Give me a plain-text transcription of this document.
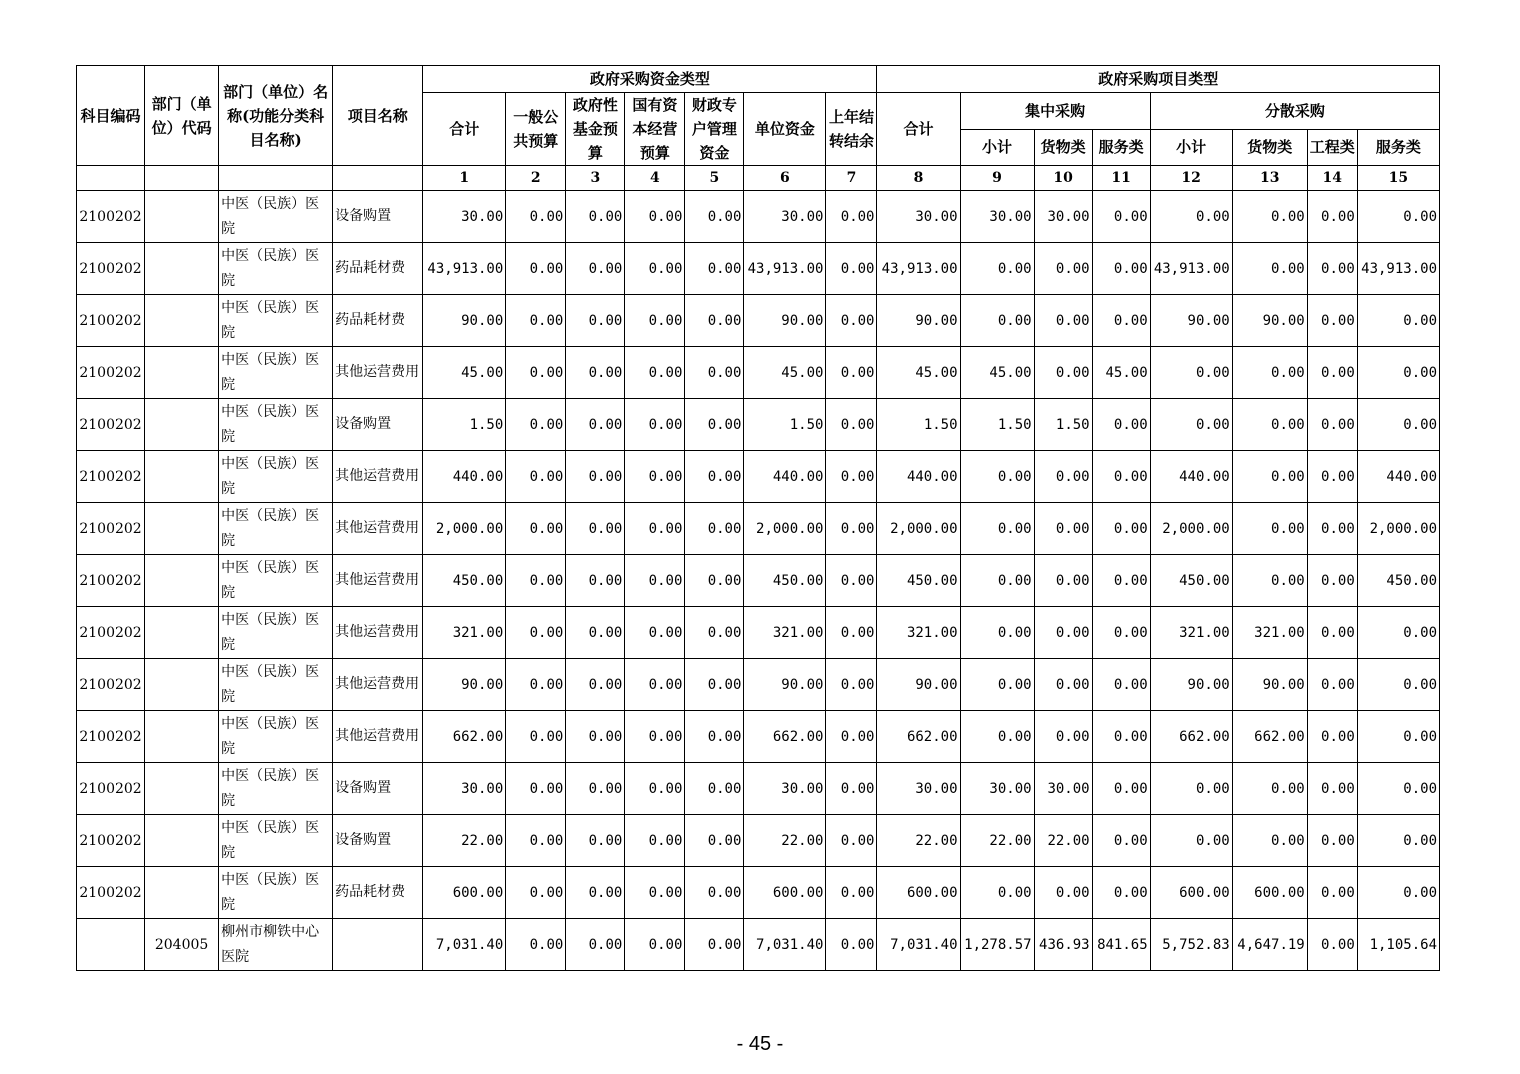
科目编码	部门（单位）代码	部门（单位）名称(功能分类科目名称)	项目名称	政府采购资金类型							政府采购项目类型							
				合计	一般公共预算	政府性基金预算	国有资本经营预算	财政专户管理资金	单位资金	上年结转结余	合计	集中采购			分散采购			
												小计	货物类	服务类	小计	货物类	工程类	服务类
				1	2	3	4	5	6	7	8	9	10	11	12	13	14	15
2100202		中医（民族）医院	设备购置	30.00	0.00	0.00	0.00	0.00	30.00	0.00	30.00	30.00	30.00	0.00	0.00	0.00	0.00	0.00
2100202		中医（民族）医院	药品耗材费	43,913.00	0.00	0.00	0.00	0.00	43,913.00	0.00	43,913.00	0.00	0.00	0.00	43,913.00	0.00	0.00	43,913.00
2100202		中医（民族）医院	药品耗材费	90.00	0.00	0.00	0.00	0.00	90.00	0.00	90.00	0.00	0.00	0.00	90.00	90.00	0.00	0.00
2100202		中医（民族）医院	其他运营费用	45.00	0.00	0.00	0.00	0.00	45.00	0.00	45.00	45.00	0.00	45.00	0.00	0.00	0.00	0.00
2100202		中医（民族）医院	设备购置	1.50	0.00	0.00	0.00	0.00	1.50	0.00	1.50	1.50	1.50	0.00	0.00	0.00	0.00	0.00
2100202		中医（民族）医院	其他运营费用	440.00	0.00	0.00	0.00	0.00	440.00	0.00	440.00	0.00	0.00	0.00	440.00	0.00	0.00	440.00
2100202		中医（民族）医院	其他运营费用	2,000.00	0.00	0.00	0.00	0.00	2,000.00	0.00	2,000.00	0.00	0.00	0.00	2,000.00	0.00	0.00	2,000.00
2100202		中医（民族）医院	其他运营费用	450.00	0.00	0.00	0.00	0.00	450.00	0.00	450.00	0.00	0.00	0.00	450.00	0.00	0.00	450.00
2100202		中医（民族）医院	其他运营费用	321.00	0.00	0.00	0.00	0.00	321.00	0.00	321.00	0.00	0.00	0.00	321.00	321.00	0.00	0.00
2100202		中医（民族）医院	其他运营费用	90.00	0.00	0.00	0.00	0.00	90.00	0.00	90.00	0.00	0.00	0.00	90.00	90.00	0.00	0.00
2100202		中医（民族）医院	其他运营费用	662.00	0.00	0.00	0.00	0.00	662.00	0.00	662.00	0.00	0.00	0.00	662.00	662.00	0.00	0.00
2100202		中医（民族）医院	设备购置	30.00	0.00	0.00	0.00	0.00	30.00	0.00	30.00	30.00	30.00	0.00	0.00	0.00	0.00	0.00
2100202		中医（民族）医院	设备购置	22.00	0.00	0.00	0.00	0.00	22.00	0.00	22.00	22.00	22.00	0.00	0.00	0.00	0.00	0.00
2100202		中医（民族）医院	药品耗材费	600.00	0.00	0.00	0.00	0.00	600.00	0.00	600.00	0.00	0.00	0.00	600.00	600.00	0.00	0.00
	204005	柳州市柳铁中心医院		7,031.40	0.00	0.00	0.00	0.00	7,031.40	0.00	7,031.40	1,278.57	436.93	841.65	5,752.83	4,647.19	0.00	1,105.64
- 45 -
